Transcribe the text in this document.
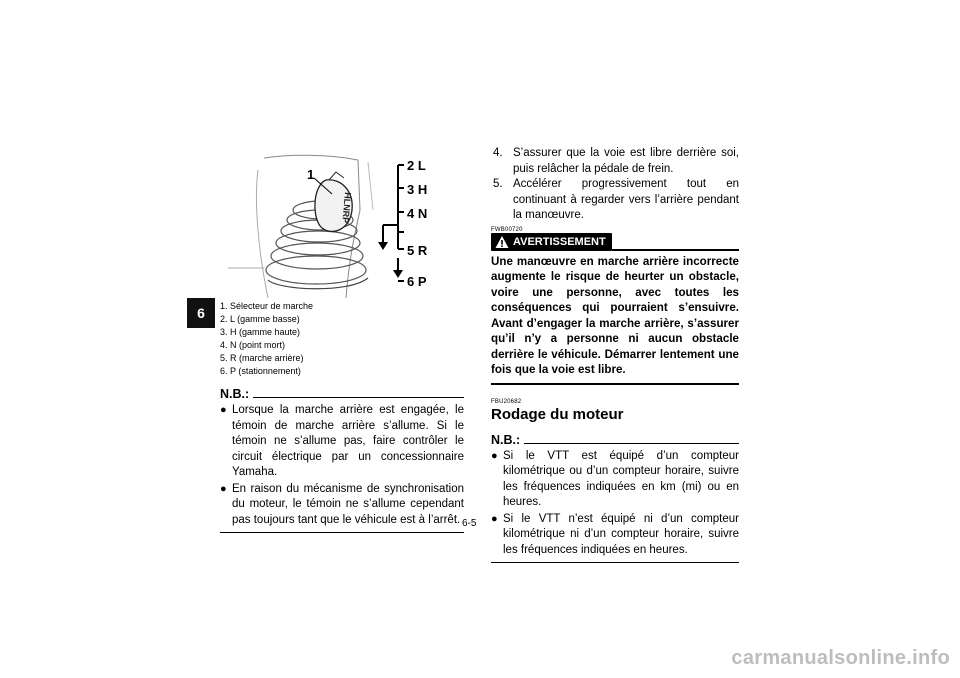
6
HLNRP
1
2 L
3 H
4 N
5 R
6 P
1. Sélecteur de marche
2. L (gamme basse)
3. H (gamme haute)
4. N (point mort)
5. R (marche arrière)
6. P (stationnement)
N.B.:
● Lorsque la marche arrière est engagée, le témoin de marche arrière s’allume. Si le témoin ne s’allume pas, faire contrôler le circuit électrique par un concessionnaire Yamaha.
● En raison du mécanisme de synchronisation du moteur, le témoin ne s’allume cependant pas toujours tant que le véhicule est à l’arrêt.
4. S’assurer que la voie est libre derrière soi, puis relâcher la pédale de frein.
5. Accélérer progressivement tout en continuant à regarder vers l’arrière pendant la manœuvre.
FWB00720
AVERTISSEMENT
Une manœuvre en marche arrière incorrecte augmente le risque de heurter un obstacle, voire une personne, avec toutes les conséquences qui pourraient s’ensuivre. Avant d’engager la marche arrière, s’assurer qu’il n’y a personne ni aucun obstacle derrière le véhicule. Démarrer lentement une fois que la voie est libre.
FBU20682
Rodage du moteur
N.B.:
● Si le VTT est équipé d’un compteur kilométrique ou d’un compteur horaire, suivre les fréquences indiquées en km (mi) ou en heures.
● Si le VTT n’est équipé ni d’un compteur kilométrique ni d’un compteur horaire, suivre les fréquences indiquées en heures.
6-5
carmanualsonline.info
